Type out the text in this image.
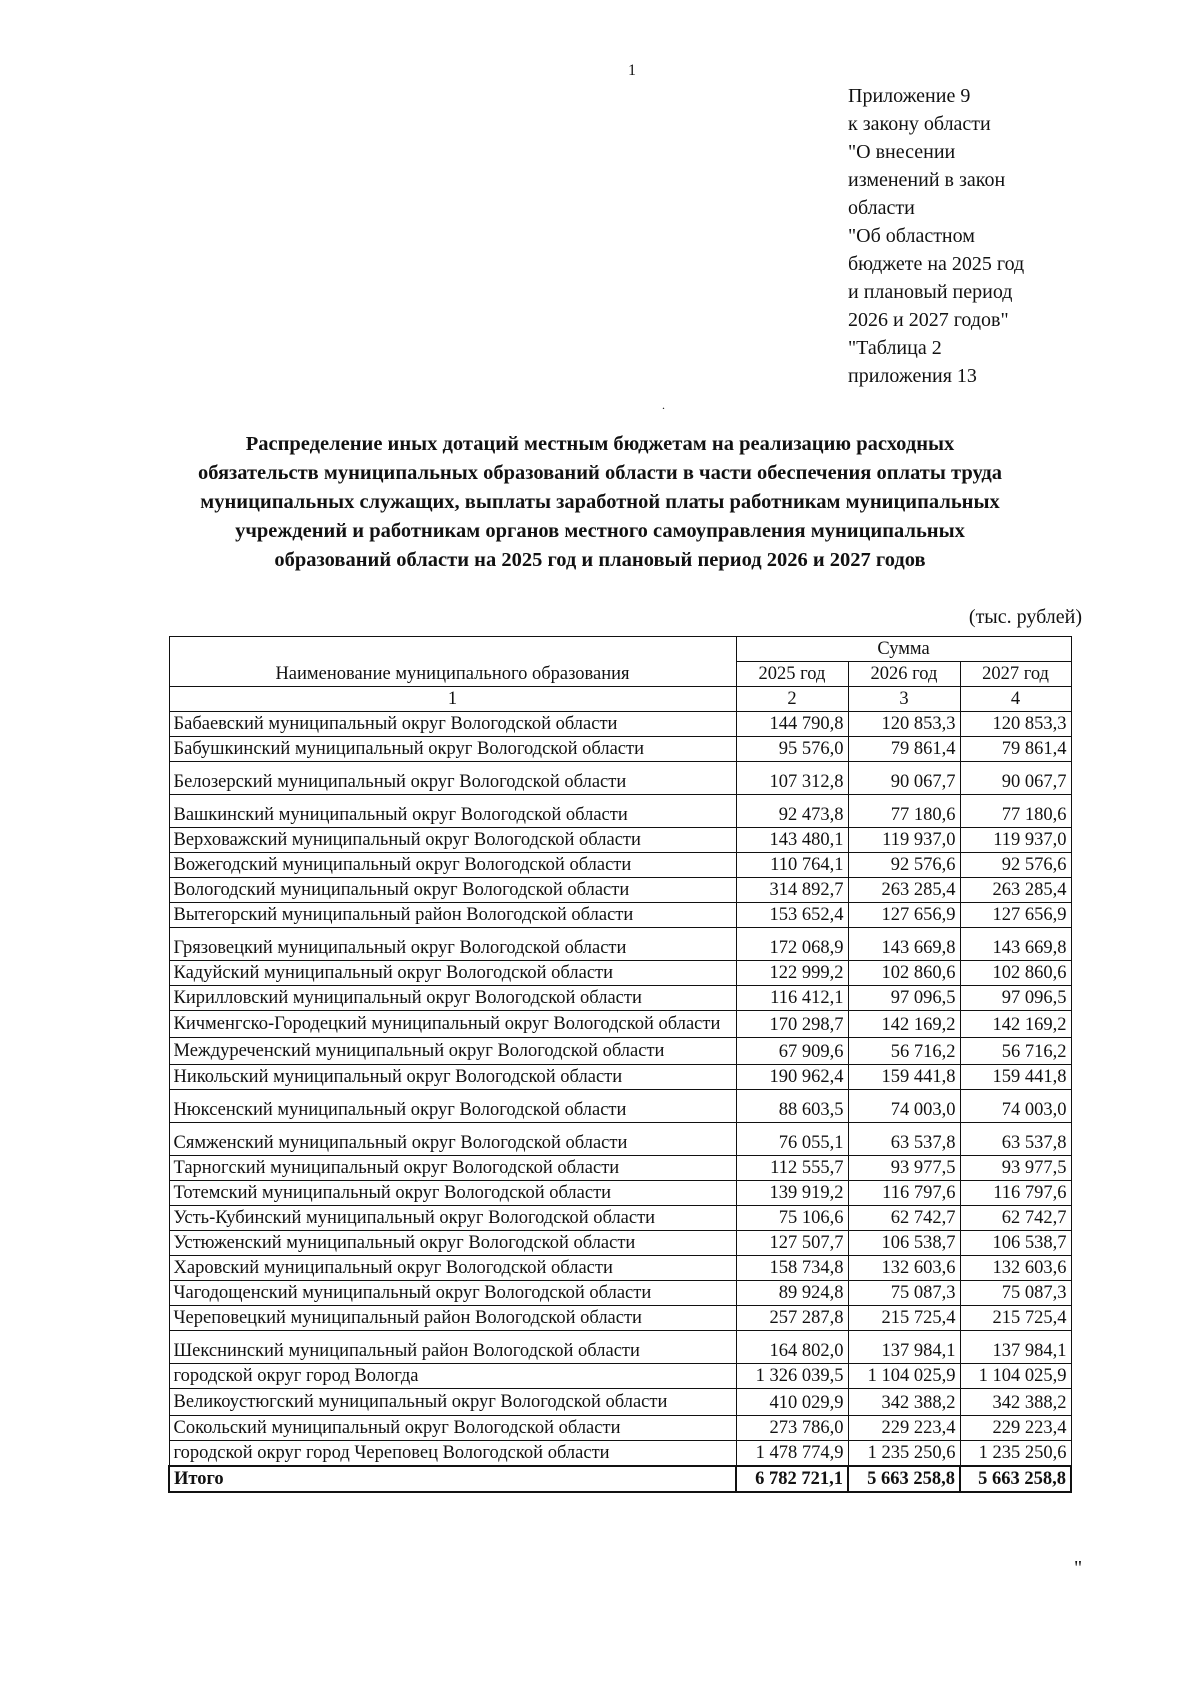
1
Приложение 9
к закону области
"О внесении
изменений в закон
области
"Об областном
бюджете на 2025 год
и плановый период
2026 и 2027 годов"
"Таблица 2
приложения 13
.
Распределение иных дотаций местным бюджетам на реализацию расходных
обязательств муниципальных образований области в части обеспечения оплаты труда
муниципальных служащих, выплаты заработной платы работникам муниципальных
учреждений и работникам органов местного самоуправления муниципальных
образований области на 2025 год и плановый период 2026 и 2027 годов
(тыс. рублей)
Наименование муниципального образования	Сумма		
	2025 год	2026 год	2027 год
1	2	3	4
Бабаевский муниципальный округ Вологодской области	144 790,8	120 853,3	120 853,3
Бабушкинский муниципальный округ Вологодской области	95 576,0	79 861,4	79 861,4
Белозерский муниципальный округ Вологодской области	107 312,8	90 067,7	90 067,7
Вашкинский муниципальный округ Вологодской области	92 473,8	77 180,6	77 180,6
Верховажский муниципальный округ Вологодской области	143 480,1	119 937,0	119 937,0
Вожегодский муниципальный округ Вологодской области	110 764,1	92 576,6	92 576,6
Вологодский муниципальный округ Вологодской области	314 892,7	263 285,4	263 285,4
Вытегорский муниципальный район Вологодской области	153 652,4	127 656,9	127 656,9
Грязовецкий муниципальный округ Вологодской области	172 068,9	143 669,8	143 669,8
Кадуйский муниципальный округ Вологодской области	122 999,2	102 860,6	102 860,6
Кирилловский муниципальный округ Вологодской области	116 412,1	97 096,5	97 096,5
Кичменгско-Городецкий муниципальный округ Вологодской области	170 298,7	142 169,2	142 169,2
Междуреченский муниципальный округ Вологодской области	67 909,6	56 716,2	56 716,2
Никольский муниципальный округ Вологодской области	190 962,4	159 441,8	159 441,8
Нюксенский муниципальный округ Вологодской области	88 603,5	74 003,0	74 003,0
Сямженский муниципальный округ Вологодской области	76 055,1	63 537,8	63 537,8
Тарногский муниципальный округ Вологодской области	112 555,7	93 977,5	93 977,5
Тотемский муниципальный округ Вологодской области	139 919,2	116 797,6	116 797,6
Усть-Кубинский муниципальный округ Вологодской области	75 106,6	62 742,7	62 742,7
Устюженский муниципальный округ Вологодской области	127 507,7	106 538,7	106 538,7
Харовский муниципальный округ Вологодской области	158 734,8	132 603,6	132 603,6
Чагодощенский муниципальный округ Вологодской области	89 924,8	75 087,3	75 087,3
Череповецкий муниципальный район Вологодской области	257 287,8	215 725,4	215 725,4
Шекснинский муниципальный район Вологодской области	164 802,0	137 984,1	137 984,1
городской округ город Вологда	1 326 039,5	1 104 025,9	1 104 025,9
Великоустюгский муниципальный округ Вологодской области	410 029,9	342 388,2	342 388,2
Сокольский муниципальный округ Вологодской области	273 786,0	229 223,4	229 223,4
городской округ город Череповец Вологодской области	1 478 774,9	1 235 250,6	1 235 250,6
Итого	6 782 721,1	5 663 258,8	5 663 258,8
"
